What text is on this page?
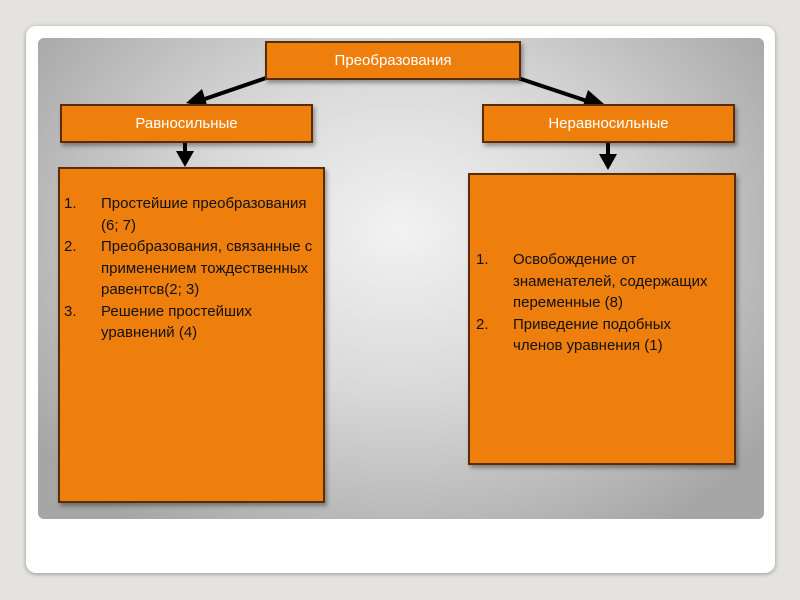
Преобразования
Равносильные	Неравносильные
1. Простейшие преобразования (6; 7)
2. Преобразования, связанные с применением тождественных равентсв(2; 3)
3. Решение простейших уравнений (4)
1. Освобождение от знаменателей, содержащих переменные (8)
2. Приведение подобных членов уравнения (1)
